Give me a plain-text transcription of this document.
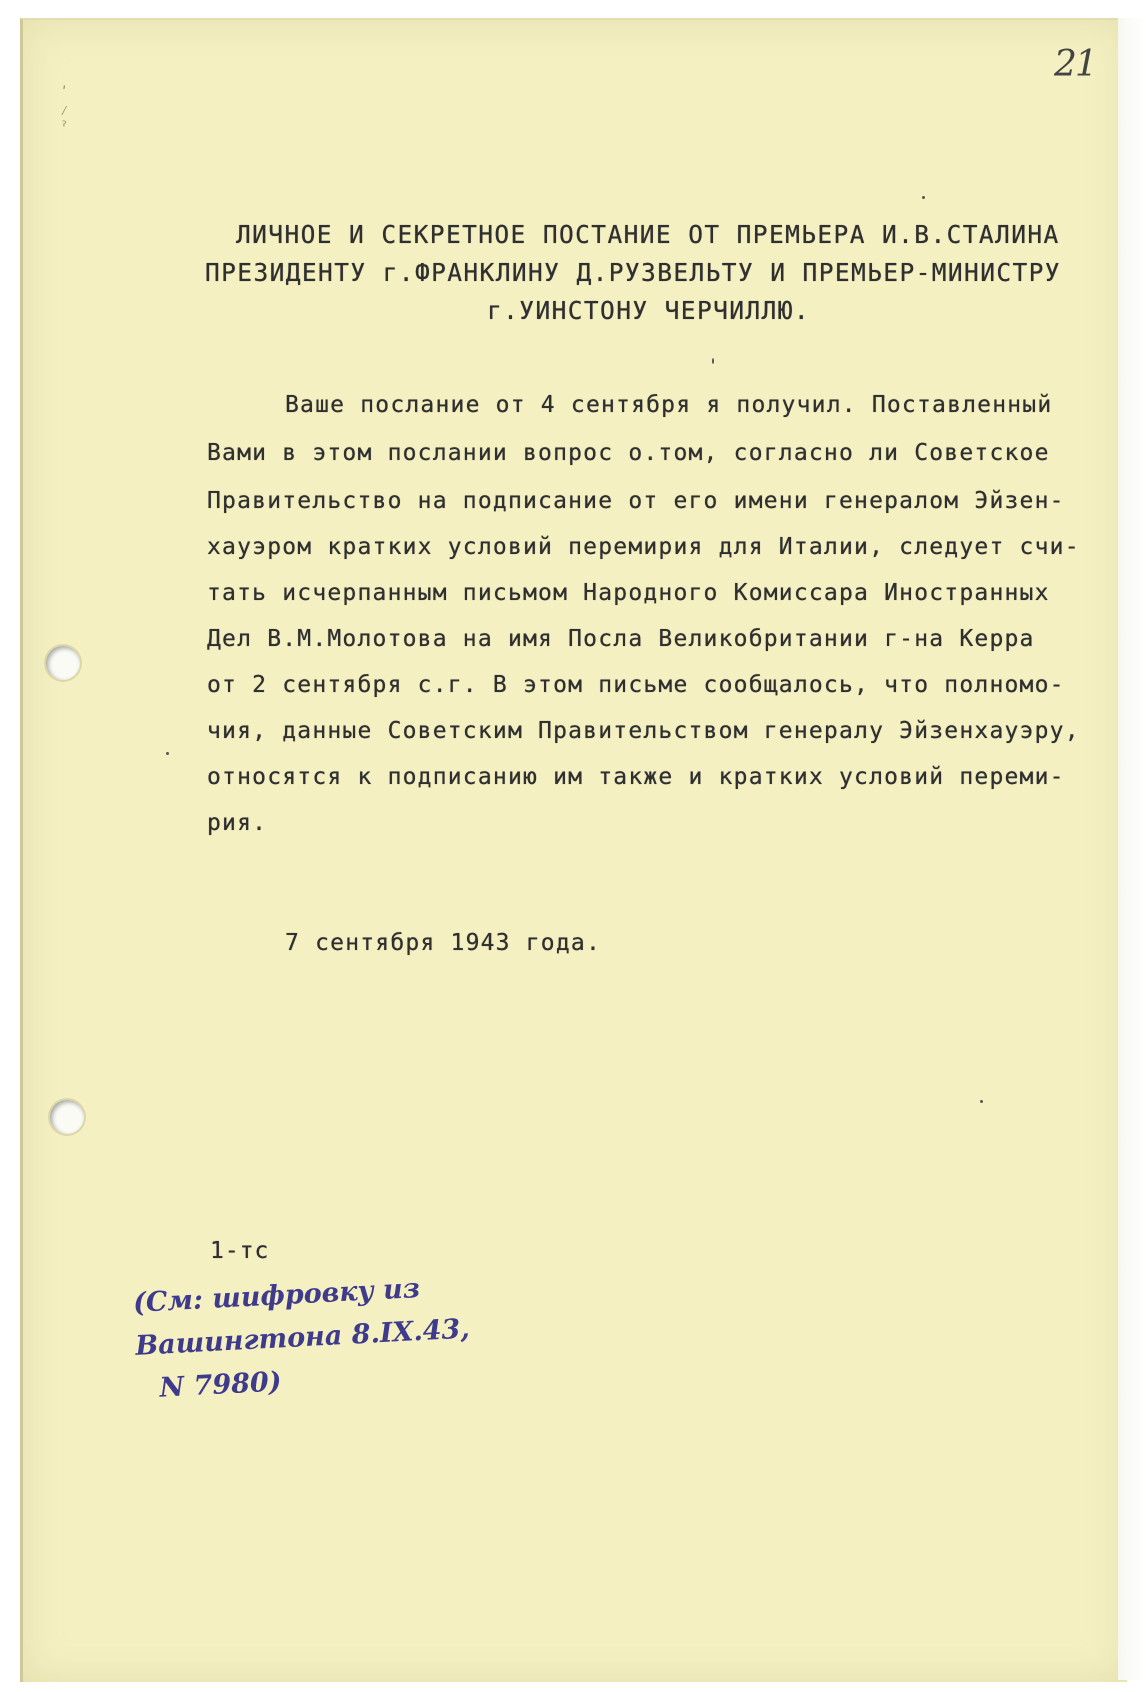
ʹ
⁄
ˀ
21
ЛИЧНОЕ И СЕКРЕТНОЕ ПОСТАНИЕ ОТ ПРЕМЬЕРА И.В.СТАЛИНА
ПРЕЗИДЕНТУ г.ФРАНКЛИНУ Д.РУЗВЕЛЬТУ И ПРЕМЬЕР-МИНИСТРУ
г.УИНСТОНУ ЧЕРЧИЛЛЮ.
Ваше послание от 4 сентября я получил. Поставленный
Вами в этом послании вопрос о.том, согласно ли Советское
Правительство на подписание от его имени генералом Эйзен-
хауэром кратких условий перемирия для Италии, следует счи-
тать исчерпанным письмом Народного Комиссара Иностранных
Дел В.М.Молотова на имя Посла Великобритании г-на Керра
от 2 сентября с.г. В этом письме сообщалось, что полномо-
чия, данные Советским Правительством генералу Эйзенхауэру,
относятся к подписанию им также и кратких условий переми-
рия.
7 сентября 1943 года.
1-тс
(См: шифровку из
Вашингтона 8.IX.43,
N 7980)
